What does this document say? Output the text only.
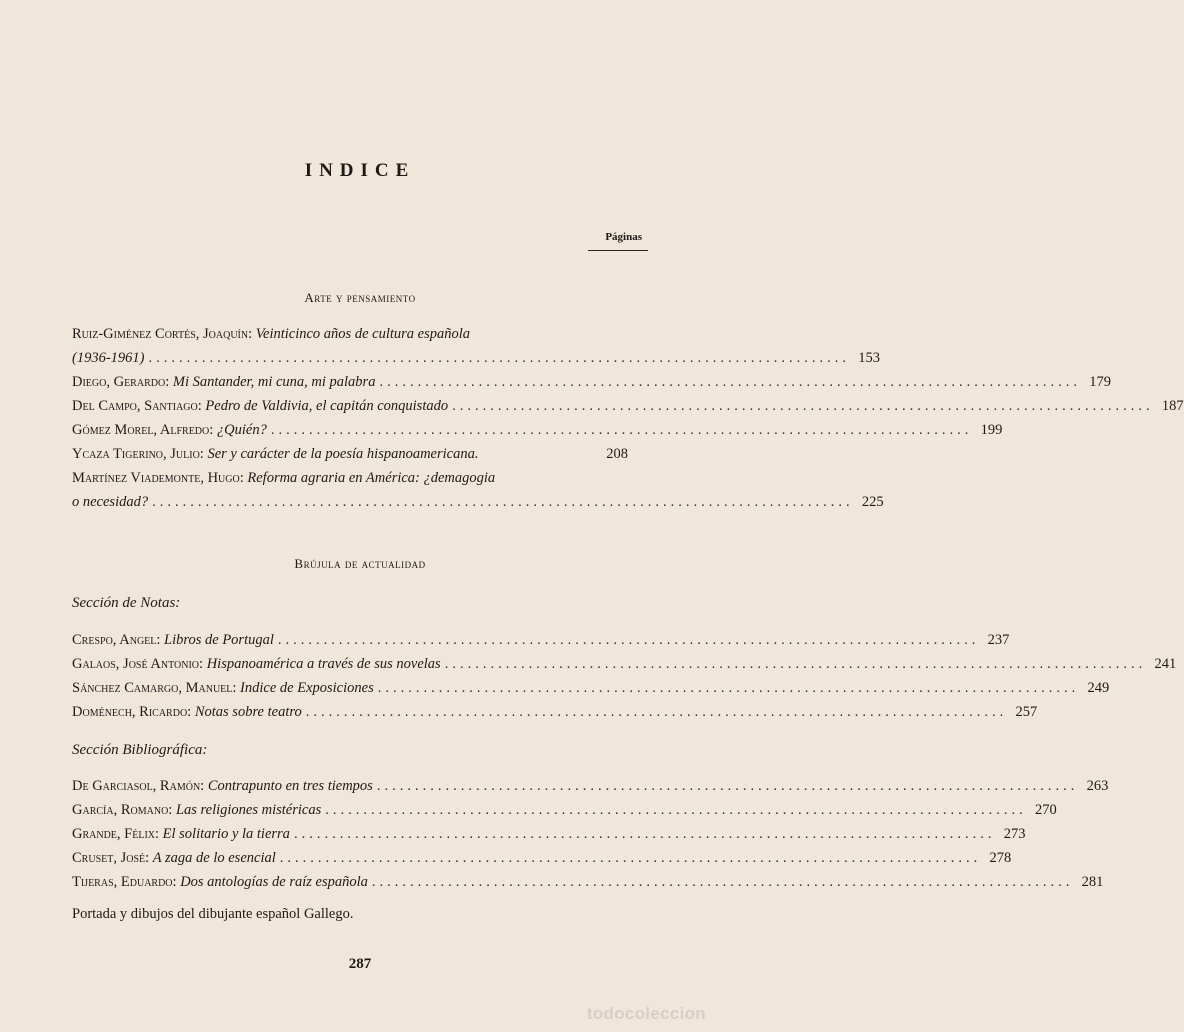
INDICE
Páginas
Arte y pensamiento
Ruiz-Giménez Cortés, Joaquín : Veinticinco años de cultura española
(1936-1961) ............................................................................................ 153
Diego, Gerardo : Mi Santander, mi cuna, mi palabra ............................................................................................ 179
Del Campo, Santiago : Pedro de Valdivia, el capitán conquistado ............................................................................................ 187
Gómez Morel, Alfredo : ¿Quién? ............................................................................................ 199
Ycaza Tigerino, Julio : Ser y carácter de la poesía hispanoamericana.	208
Martínez Viademonte, Hugo : Reforma agraria en América: ¿demagogia
o necesidad? ............................................................................................ 225
Brújula de actualidad
Sección de Notas:
Crespo, Angel : Libros de Portugal ............................................................................................ 237
Galaos, José Antonio : Hispanoamérica a través de sus novelas ............................................................................................ 241
Sánchez Camargo, Manuel : Indice de Exposiciones ............................................................................................ 249
Doménech, Ricardo : Notas sobre teatro ............................................................................................ 257
Sección Bibliográfica:
De Garciasol, Ramón : Contrapunto en tres tiempos ............................................................................................ 263
García, Romano : Las religiones mistéricas ............................................................................................ 270
Grande, Félix : El solitario y la tierra ............................................................................................ 273
Cruset, José : A zaga de lo esencial ............................................................................................ 278
Tijeras, Eduardo : Dos antologías de raíz española ............................................................................................ 281
Portada y dibujos del dibujante español Gallego.
287
todocoleccion
